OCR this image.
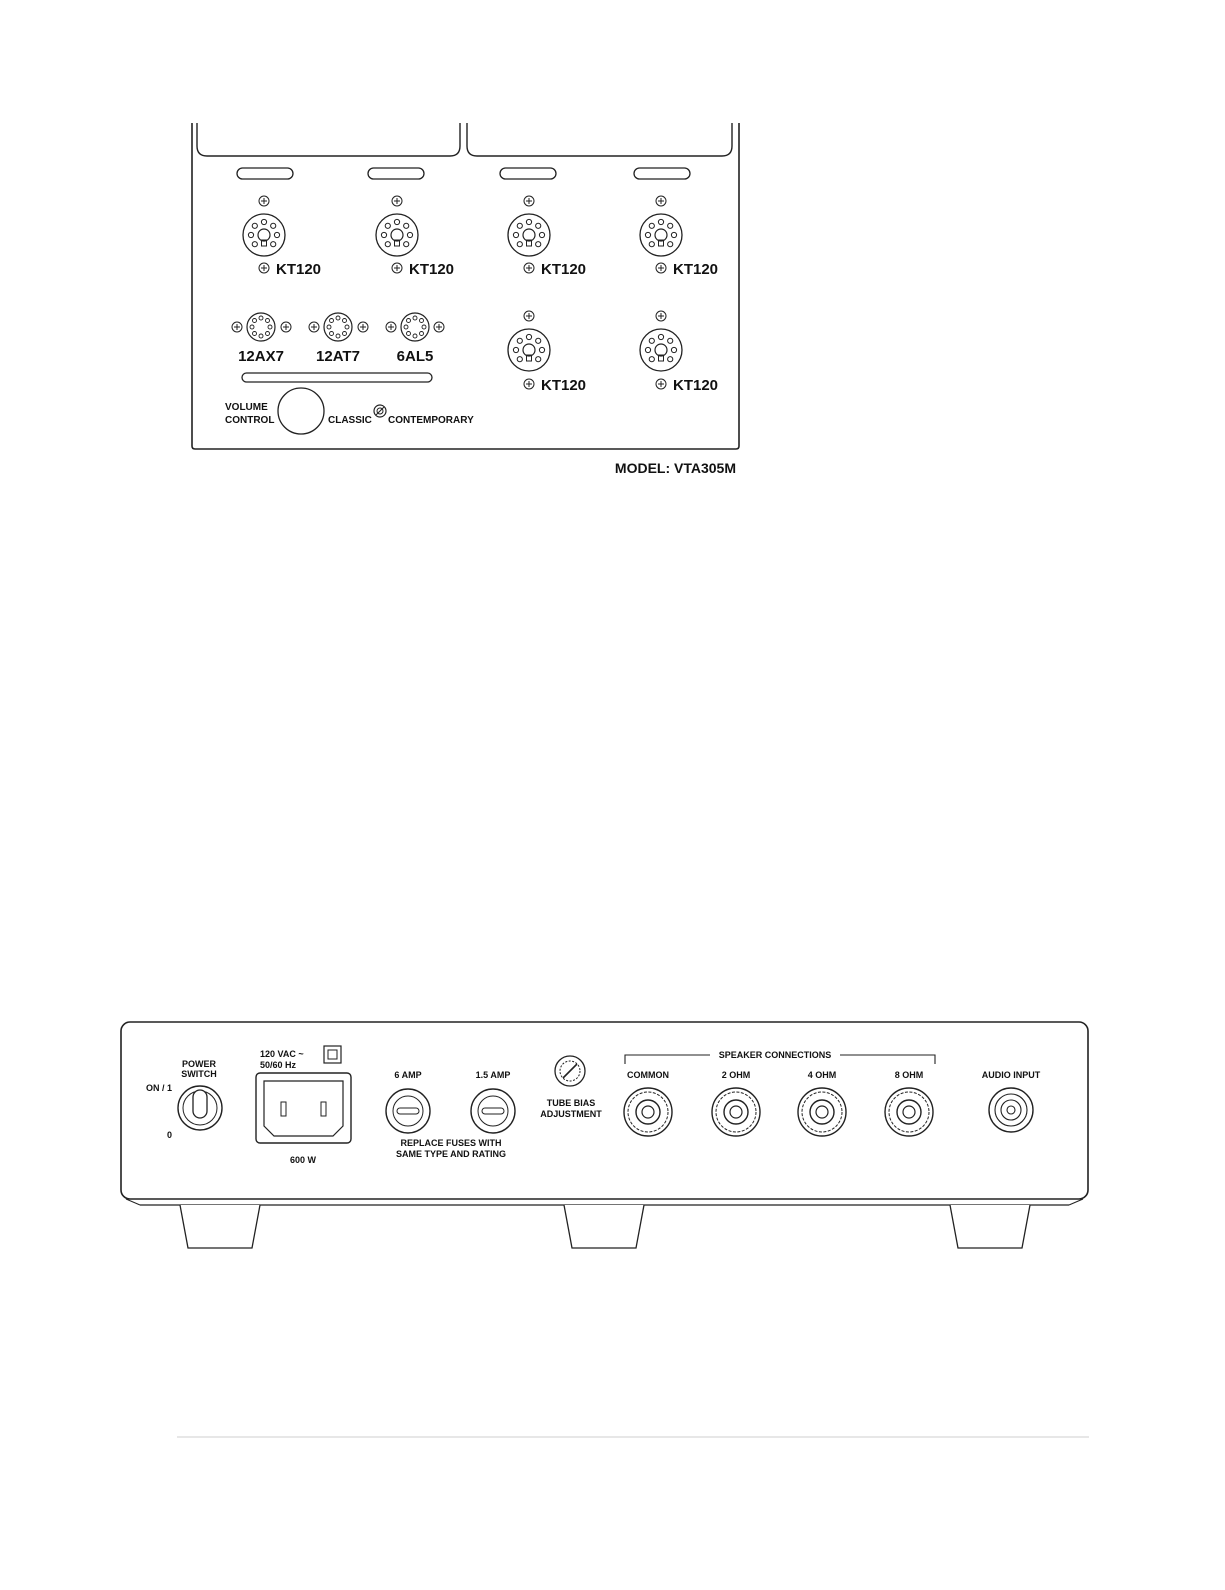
KT120	KT120	KT120	KT120
12AX7 12AT7 6AL5
KT120	KT120
VOLUME
CONTROL	CLASSIC CONTEMPORARY
MODEL: VTA305M
POWER
SWITCH
ON / 1
0
120 VAC ~
50/60 Hz
600 W
6 AMP	1.5 AMP
REPLACE FUSES WITH
SAME TYPE AND RATING
TUBE BIAS
ADJUSTMENT
SPEAKER CONNECTIONS
COMMON	2 OHM	4 OHM	8 OHM	AUDIO INPUT
